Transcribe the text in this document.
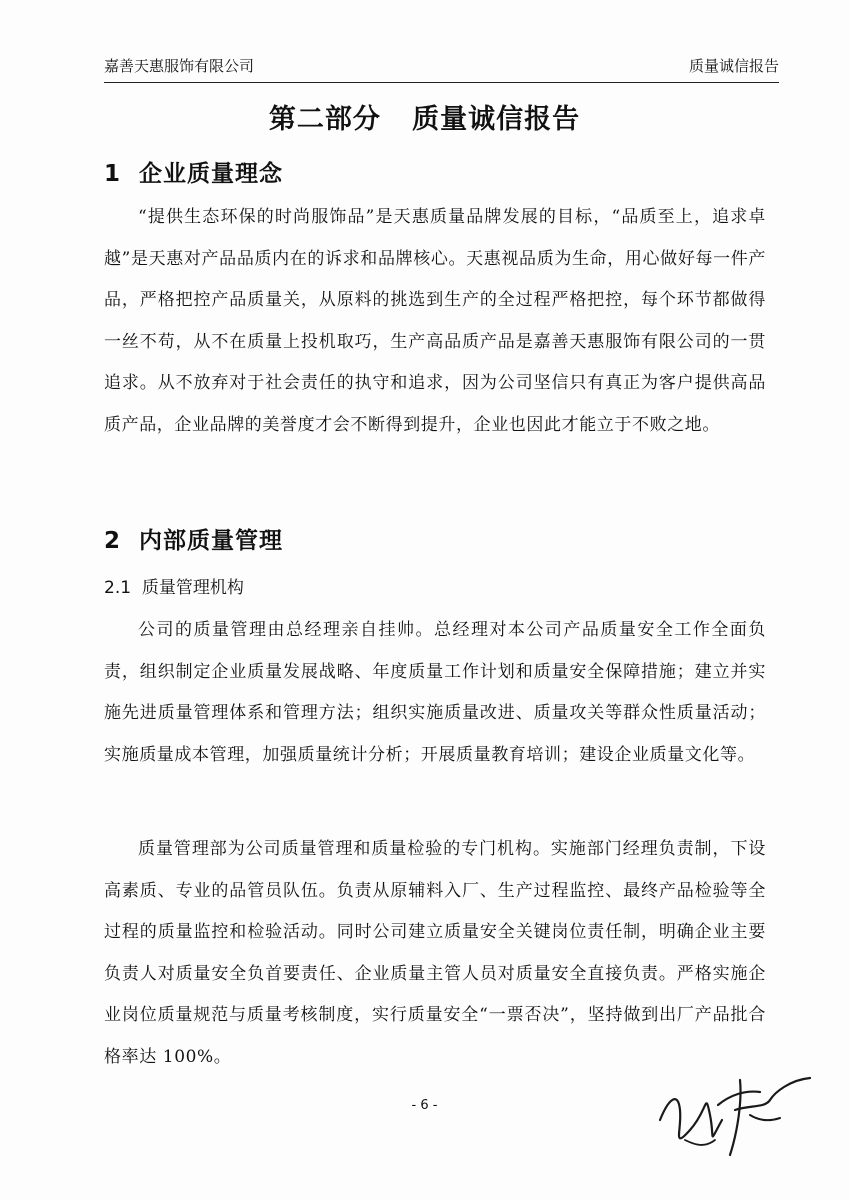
嘉善天惠服饰有限公司	质量诚信报告
第二部分   质量诚信报告
1  企业质量理念

“提供生态环保的时尚服饰品”是天惠质量品牌发展的目标，“品质至上，追求卓越”是天惠对产品品质内在的诉求和品牌核心。天惠视品质为生命，用心做好每一件产品，严格把控产品质量关，从原料的挑选到生产的全过程严格把控，每个环节都做得一丝不苟，从不在质量上投机取巧，生产高品质产品是嘉善天惠服饰有限公司的一贯追求。从不放弃对于社会责任的执守和追求，因为公司坚信只有真正为客户提供高品质产品，企业品牌的美誉度才会不断得到提升，企业也因此才能立于不败之地。

2  内部质量管理
2.1  质量管理机构

公司的质量管理由总经理亲自挂帅。总经理对本公司产品质量安全工作全面负责，组织制定企业质量发展战略、年度质量工作计划和质量安全保障措施；建立并实施先进质量管理体系和管理方法；组织实施质量改进、质量攻关等群众性质量活动；实施质量成本管理，加强质量统计分析；开展质量教育培训；建设企业质量文化等。

质量管理部为公司质量管理和质量检验的专门机构。实施部门经理负责制，下设高素质、专业的品管员队伍。负责从原辅料入厂、生产过程监控、最终产品检验等全过程的质量监控和检验活动。同时公司建立质量安全关键岗位责任制，明确企业主要负责人对质量安全负首要责任、企业质量主管人员对质量安全直接负责。严格实施企业岗位质量规范与质量考核制度，实行质量安全“一票否决”，坚持做到出厂产品批合格率达 100%。

- 6 -
